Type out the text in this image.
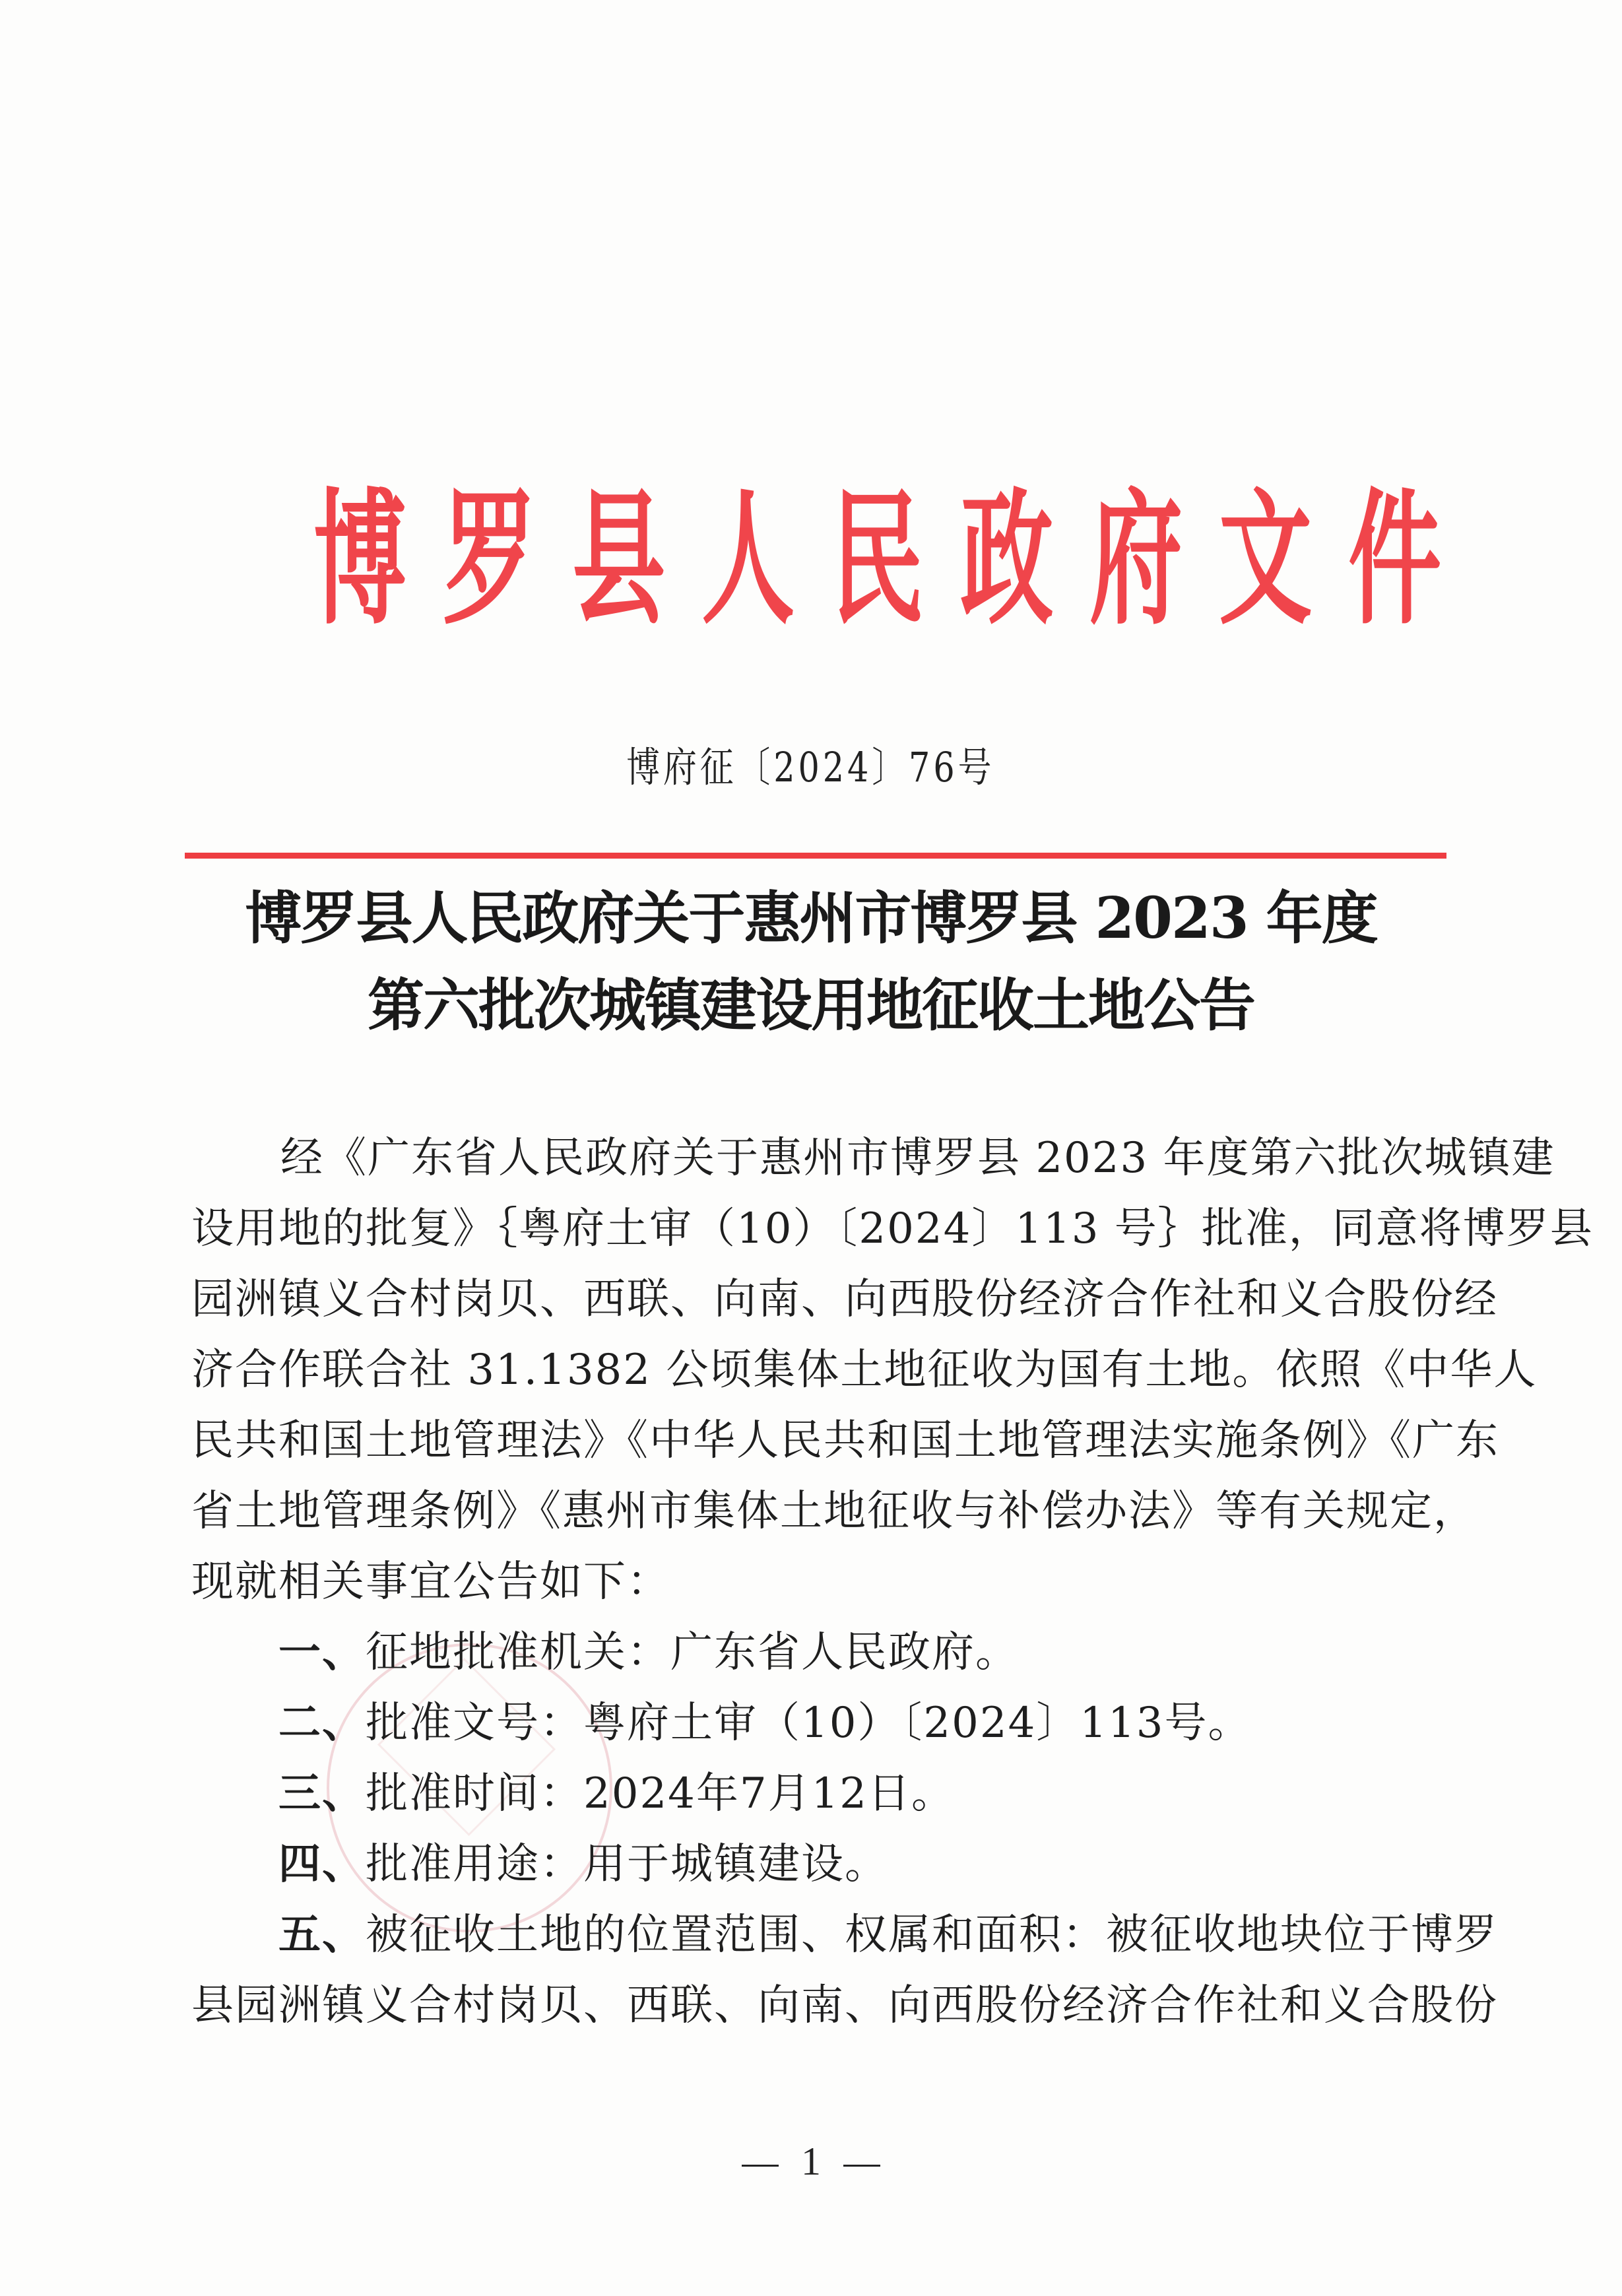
博 罗 县 人 民 政 府 文 件
博府征〔2024〕76号
博罗县人民政府关于惠州市博罗县 2023 年度
第六批次城镇建设用地征收土地公告
经《广东省人民政府关于惠州市博罗县 2023 年度第六批次城镇建
设用地的批复》｛粤府土审（10）〔2024〕113 号｝批准，同意将博罗县
园洲镇义合村岗贝、西联、向南、向西股份经济合作社和义合股份经
济合作联合社 31.1382 公顷集体土地征收为国有土地。依照《中华人
民共和国土地管理法》《中华人民共和国土地管理法实施条例》《广东
省土地管理条例》《惠州市集体土地征收与补偿办法》等有关规定，
现就相关事宜公告如下：
一、征地批准机关：广东省人民政府。
二、批准文号：粤府土审（10）〔2024〕113号。
三、批准时间：2024年7月12日。
四、批准用途：用于城镇建设。
五、被征收土地的位置范围、权属和面积：被征收地块位于博罗
县园洲镇义合村岗贝、西联、向南、向西股份经济合作社和义合股份
1
